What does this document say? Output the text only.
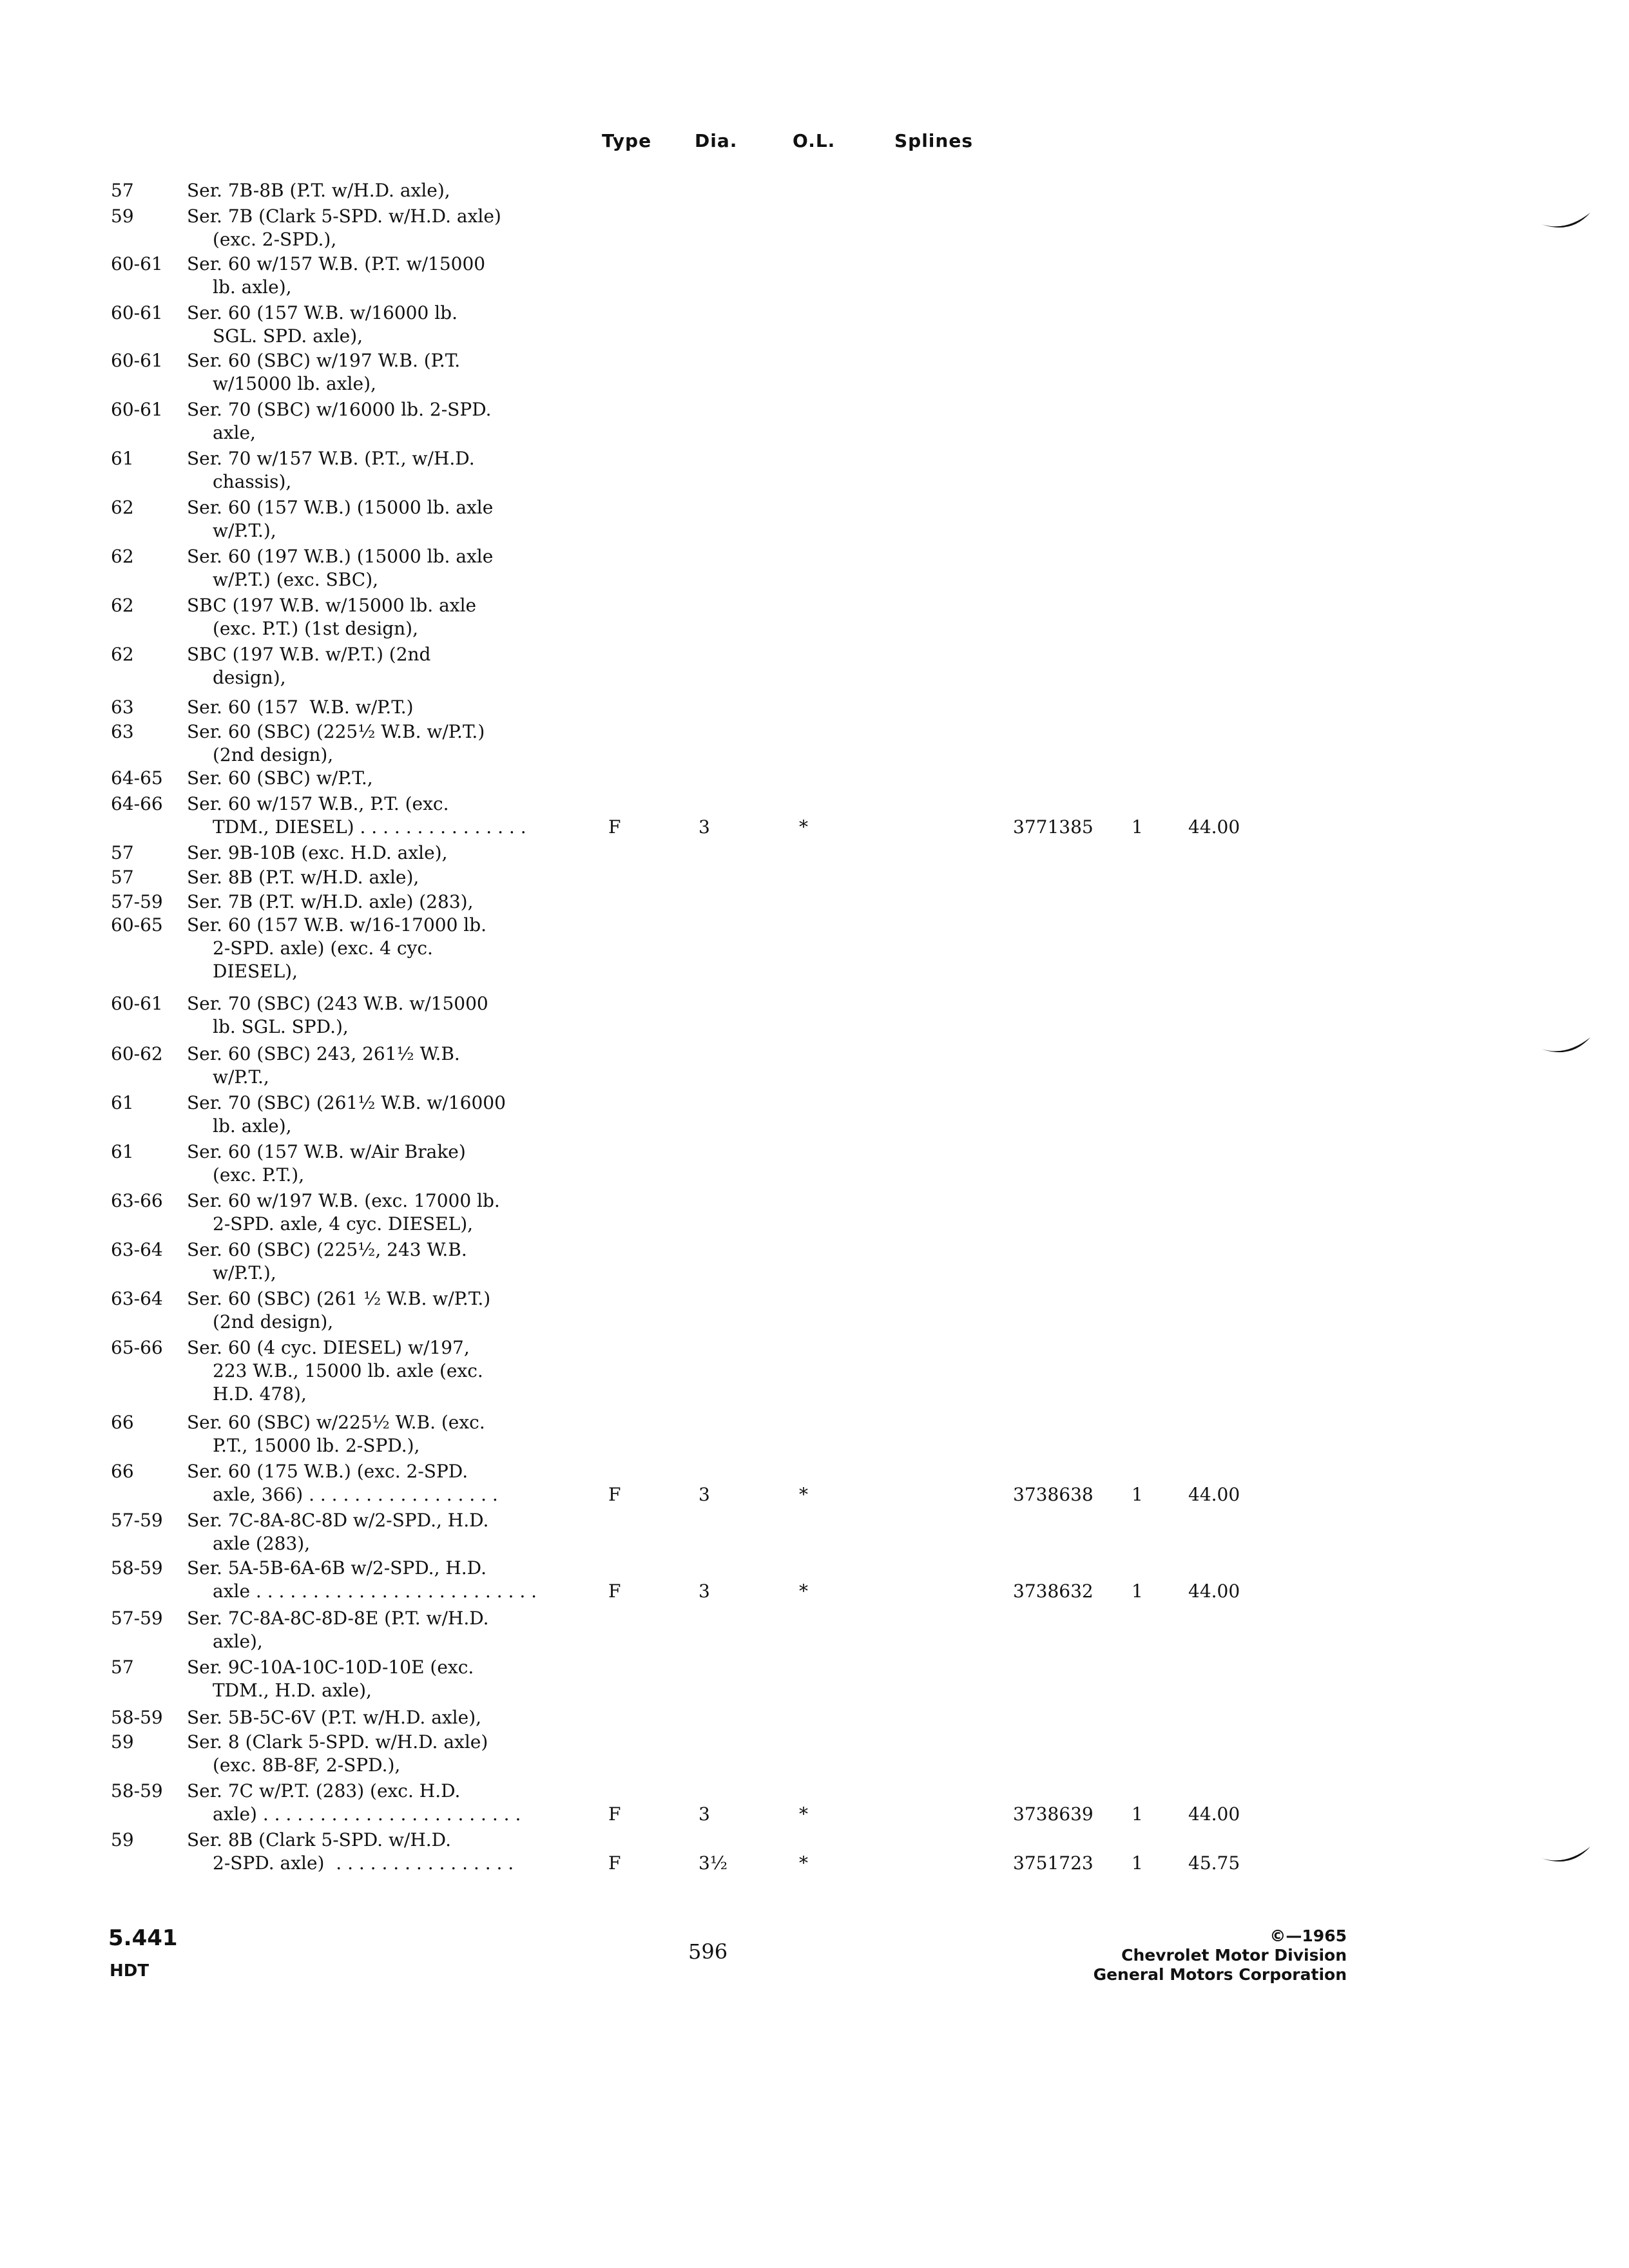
Type Dia.	O.L.	Splines
57	Ser. 7B-8B (P.T. w/H.D. axle),
59	Ser. 7B (Clark 5-SPD. w/H.D. axle)
(exc. 2-SPD.),
60-61 Ser. 60 w/157 W.B. (P.T. w/15000
lb. axle),
60-61 Ser. 60 (157 W.B. w/16000 lb.
SGL. SPD. axle),
60-61 Ser. 60 (SBC) w/197 W.B. (P.T.
w/15000 lb. axle),
60-61 Ser. 70 (SBC) w/16000 lb. 2-SPD.
axle,
61	Ser. 70 w/157 W.B. (P.T., w/H.D.
chassis),
62	Ser. 60 (157 W.B.) (15000 lb. axle
w/P.T.),
62	Ser. 60 (197 W.B.) (15000 lb. axle
w/P.T.) (exc. SBC),
62	SBC (197 W.B. w/15000 lb. axle
(exc. P.T.) (1st design),
62	SBC (197 W.B. w/P.T.) (2nd
design),
63	Ser. 60 (157  W.B. w/P.T.)
63	Ser. 60 (SBC) (225½ W.B. w/P.T.)
(2nd design),
64-65 Ser. 60 (SBC) w/P.T.,
64-66 Ser. 60 w/157 W.B., P.T. (exc.
TDM., DIESEL) . . . . . . . . . . . . . . .	F	3	*	3771385 1	44.00
57	Ser. 9B-10B (exc. H.D. axle),
57	Ser. 8B (P.T. w/H.D. axle),
57-59 Ser. 7B (P.T. w/H.D. axle) (283),
60-65 Ser. 60 (157 W.B. w/16-17000 lb.
2-SPD. axle) (exc. 4 cyc.
DIESEL),
60-61 Ser. 70 (SBC) (243 W.B. w/15000
lb. SGL. SPD.),
60-62 Ser. 60 (SBC) 243, 261½ W.B.
w/P.T.,
61	Ser. 70 (SBC) (261½ W.B. w/16000
lb. axle),
61	Ser. 60 (157 W.B. w/Air Brake)
(exc. P.T.),
63-66 Ser. 60 w/197 W.B. (exc. 17000 lb.
2-SPD. axle, 4 cyc. DIESEL),
63-64 Ser. 60 (SBC) (225½, 243 W.B.
w/P.T.),
63-64 Ser. 60 (SBC) (261 ½ W.B. w/P.T.)
(2nd design),
65-66 Ser. 60 (4 cyc. DIESEL) w/197,
223 W.B., 15000 lb. axle (exc.
H.D. 478),
66	Ser. 60 (SBC) w/225½ W.B. (exc.
P.T., 15000 lb. 2-SPD.),
66	Ser. 60 (175 W.B.) (exc. 2-SPD.
axle, 366) . . . . . . . . . . . . . . . . .	F	3	*	3738638 1	44.00
57-59 Ser. 7C-8A-8C-8D w/2-SPD., H.D.
axle (283),
58-59 Ser. 5A-5B-6A-6B w/2-SPD., H.D.
axle . . . . . . . . . . . . . . . . . . . . . . . . .	F	3	*	3738632 1	44.00
57-59 Ser. 7C-8A-8C-8D-8E (P.T. w/H.D.
axle),
57	Ser. 9C-10A-10C-10D-10E (exc.
TDM., H.D. axle),
58-59 Ser. 5B-5C-6V (P.T. w/H.D. axle),
59	Ser. 8 (Clark 5-SPD. w/H.D. axle)
(exc. 8B-8F, 2-SPD.),
58-59 Ser. 7C w/P.T. (283) (exc. H.D.
axle) . . . . . . . . . . . . . . . . . . . . . . .	F	3	*	3738639 1	44.00
59	Ser. 8B (Clark 5-SPD. w/H.D.
2-SPD. axle)  . . . . . . . . . . . . . . . .	F	3½	*	3751723 1	45.75
5.441
HDT
596
©—1965
Chevrolet Motor Division
General Motors Corporation
